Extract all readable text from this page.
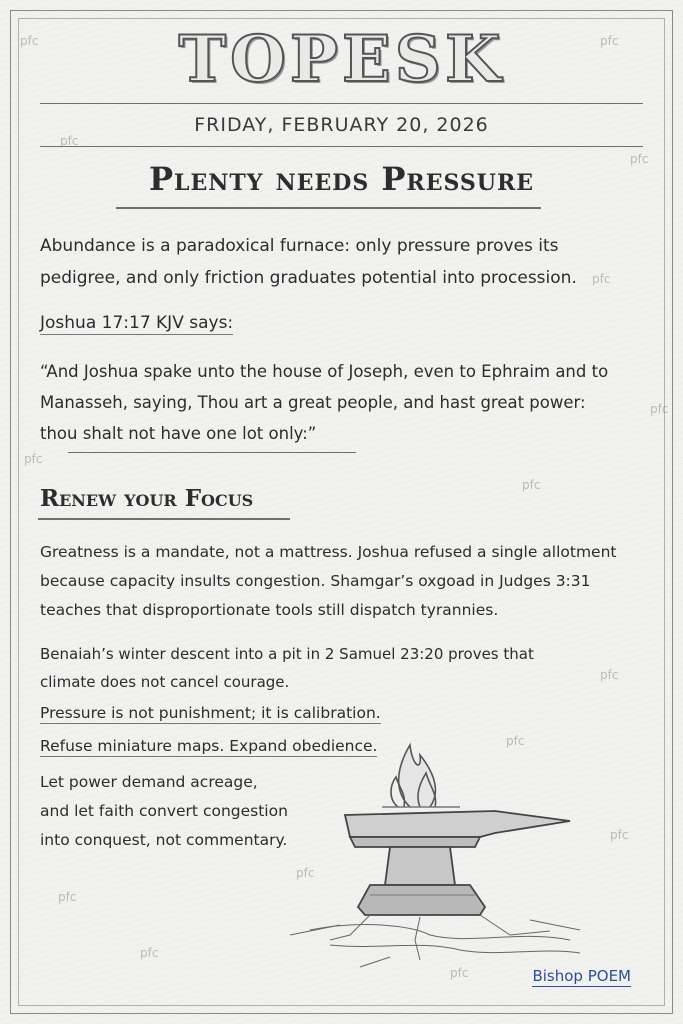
pfc	pfc
pfc
pfc
pfc
pfc
pfc
pfc
pfc
pfc
pfc
pfc
pfc
pfc
pfc
TOPESK
FRIDAY, FEBRUARY 20, 2026
Plenty needs Pressure
Abundance is a paradoxical furnace: only pressure proves its pedigree, and only friction graduates potential into procession.
Joshua 17:17 KJV says:
“And Joshua spake unto the house of Joseph, even to Ephraim and to Manasseh, saying, Thou art a great people, and hast great power: thou shalt not have one lot only:”
Renew your Focus
Greatness is a mandate, not a mattress. Joshua refused a single allotment because capacity insults congestion. Shamgar’s oxgoad in Judges 3:31 teaches that disproportionate tools still dispatch tyrannies.
Benaiah’s winter descent into a pit in 2 Samuel 23:20 proves that climate does not cancel courage.
Pressure is not punishment; it is calibration.
Refuse miniature maps. Expand obedience.
Let power demand acreage, and let faith convert congestion into conquest, not commentary.
Bishop POEM
